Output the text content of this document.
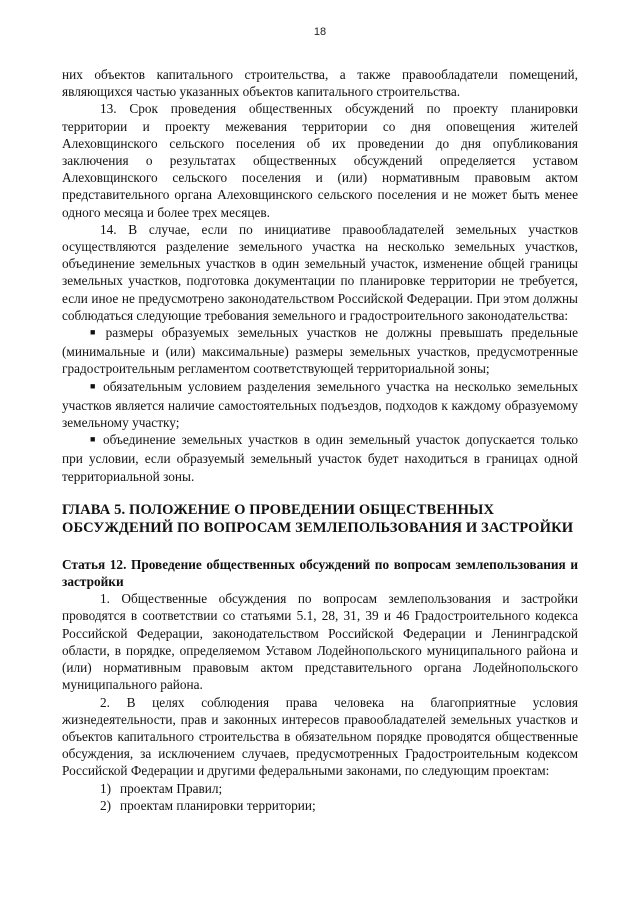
18

них объектов капитального строительства, а также правообладатели помещений, являющихся частью указанных объектов капитального строительства.

13. Срок проведения общественных обсуждений по проекту планировки территории и проекту межевания территории со дня оповещения жителей Алеховщинского сельского поселения об их проведении до дня опубликования заключения о результатах общественных обсуждений определяется уставом Алеховщинского сельского поселения и (или) нормативным правовым актом представительного органа Алеховщинского сельского поселения и не может быть менее одного месяца и более трех месяцев.

14. В случае, если по инициативе правообладателей земельных участков осуществляются разделение земельного участка на несколько земельных участков, объединение земельных участков в один земельный участок, изменение общей границы земельных участков, подготовка документации по планировке территории не требуется, если иное не предусмотрено законодательством Российской Федерации. При этом должны соблюдаться следующие требования земельного и градостроительного законодательства:

■ размеры образуемых земельных участков не должны превышать предельные (минимальные и (или) максимальные) размеры земельных участков, предусмотренные градостроительным регламентом соответствующей территориальной зоны;

■ обязательным условием разделения земельного участка на несколько земельных участков является наличие самостоятельных подъездов, подходов к каждому образуемому земельному участку;

■ объединение земельных участков в один земельный участок допускается только при условии, если образуемый земельный участок будет находиться в границах одной территориальной зоны.

ГЛАВА 5. ПОЛОЖЕНИЕ О ПРОВЕДЕНИИ ОБЩЕСТВЕННЫХ ОБСУЖДЕНИЙ ПО ВОПРОСАМ ЗЕМЛЕПОЛЬЗОВАНИЯ И ЗАСТРОЙКИ

Статья 12. Проведение общественных обсуждений по вопросам землепользования и застройки

1. Общественные обсуждения по вопросам землепользования и застройки проводятся в соответствии со статьями 5.1, 28, 31, 39 и 46 Градостроительного кодекса Российской Федерации, законодательством Российской Федерации и Ленинградской области, в порядке, определяемом Уставом Лодейнопольского муниципального района и (или) нормативным правовым актом представительного органа Лодейнопольского муниципального района.

2. В целях соблюдения права человека на благоприятные условия жизнедеятельности, прав и законных интересов правообладателей земельных участков и объектов капитального строительства в обязательном порядке проводятся общественные обсуждения, за исключением случаев, предусмотренных Градостроительным кодексом Российской Федерации и другими федеральными законами, по следующим проектам:

1) проектам Правил;

2) проектам планировки территории;
